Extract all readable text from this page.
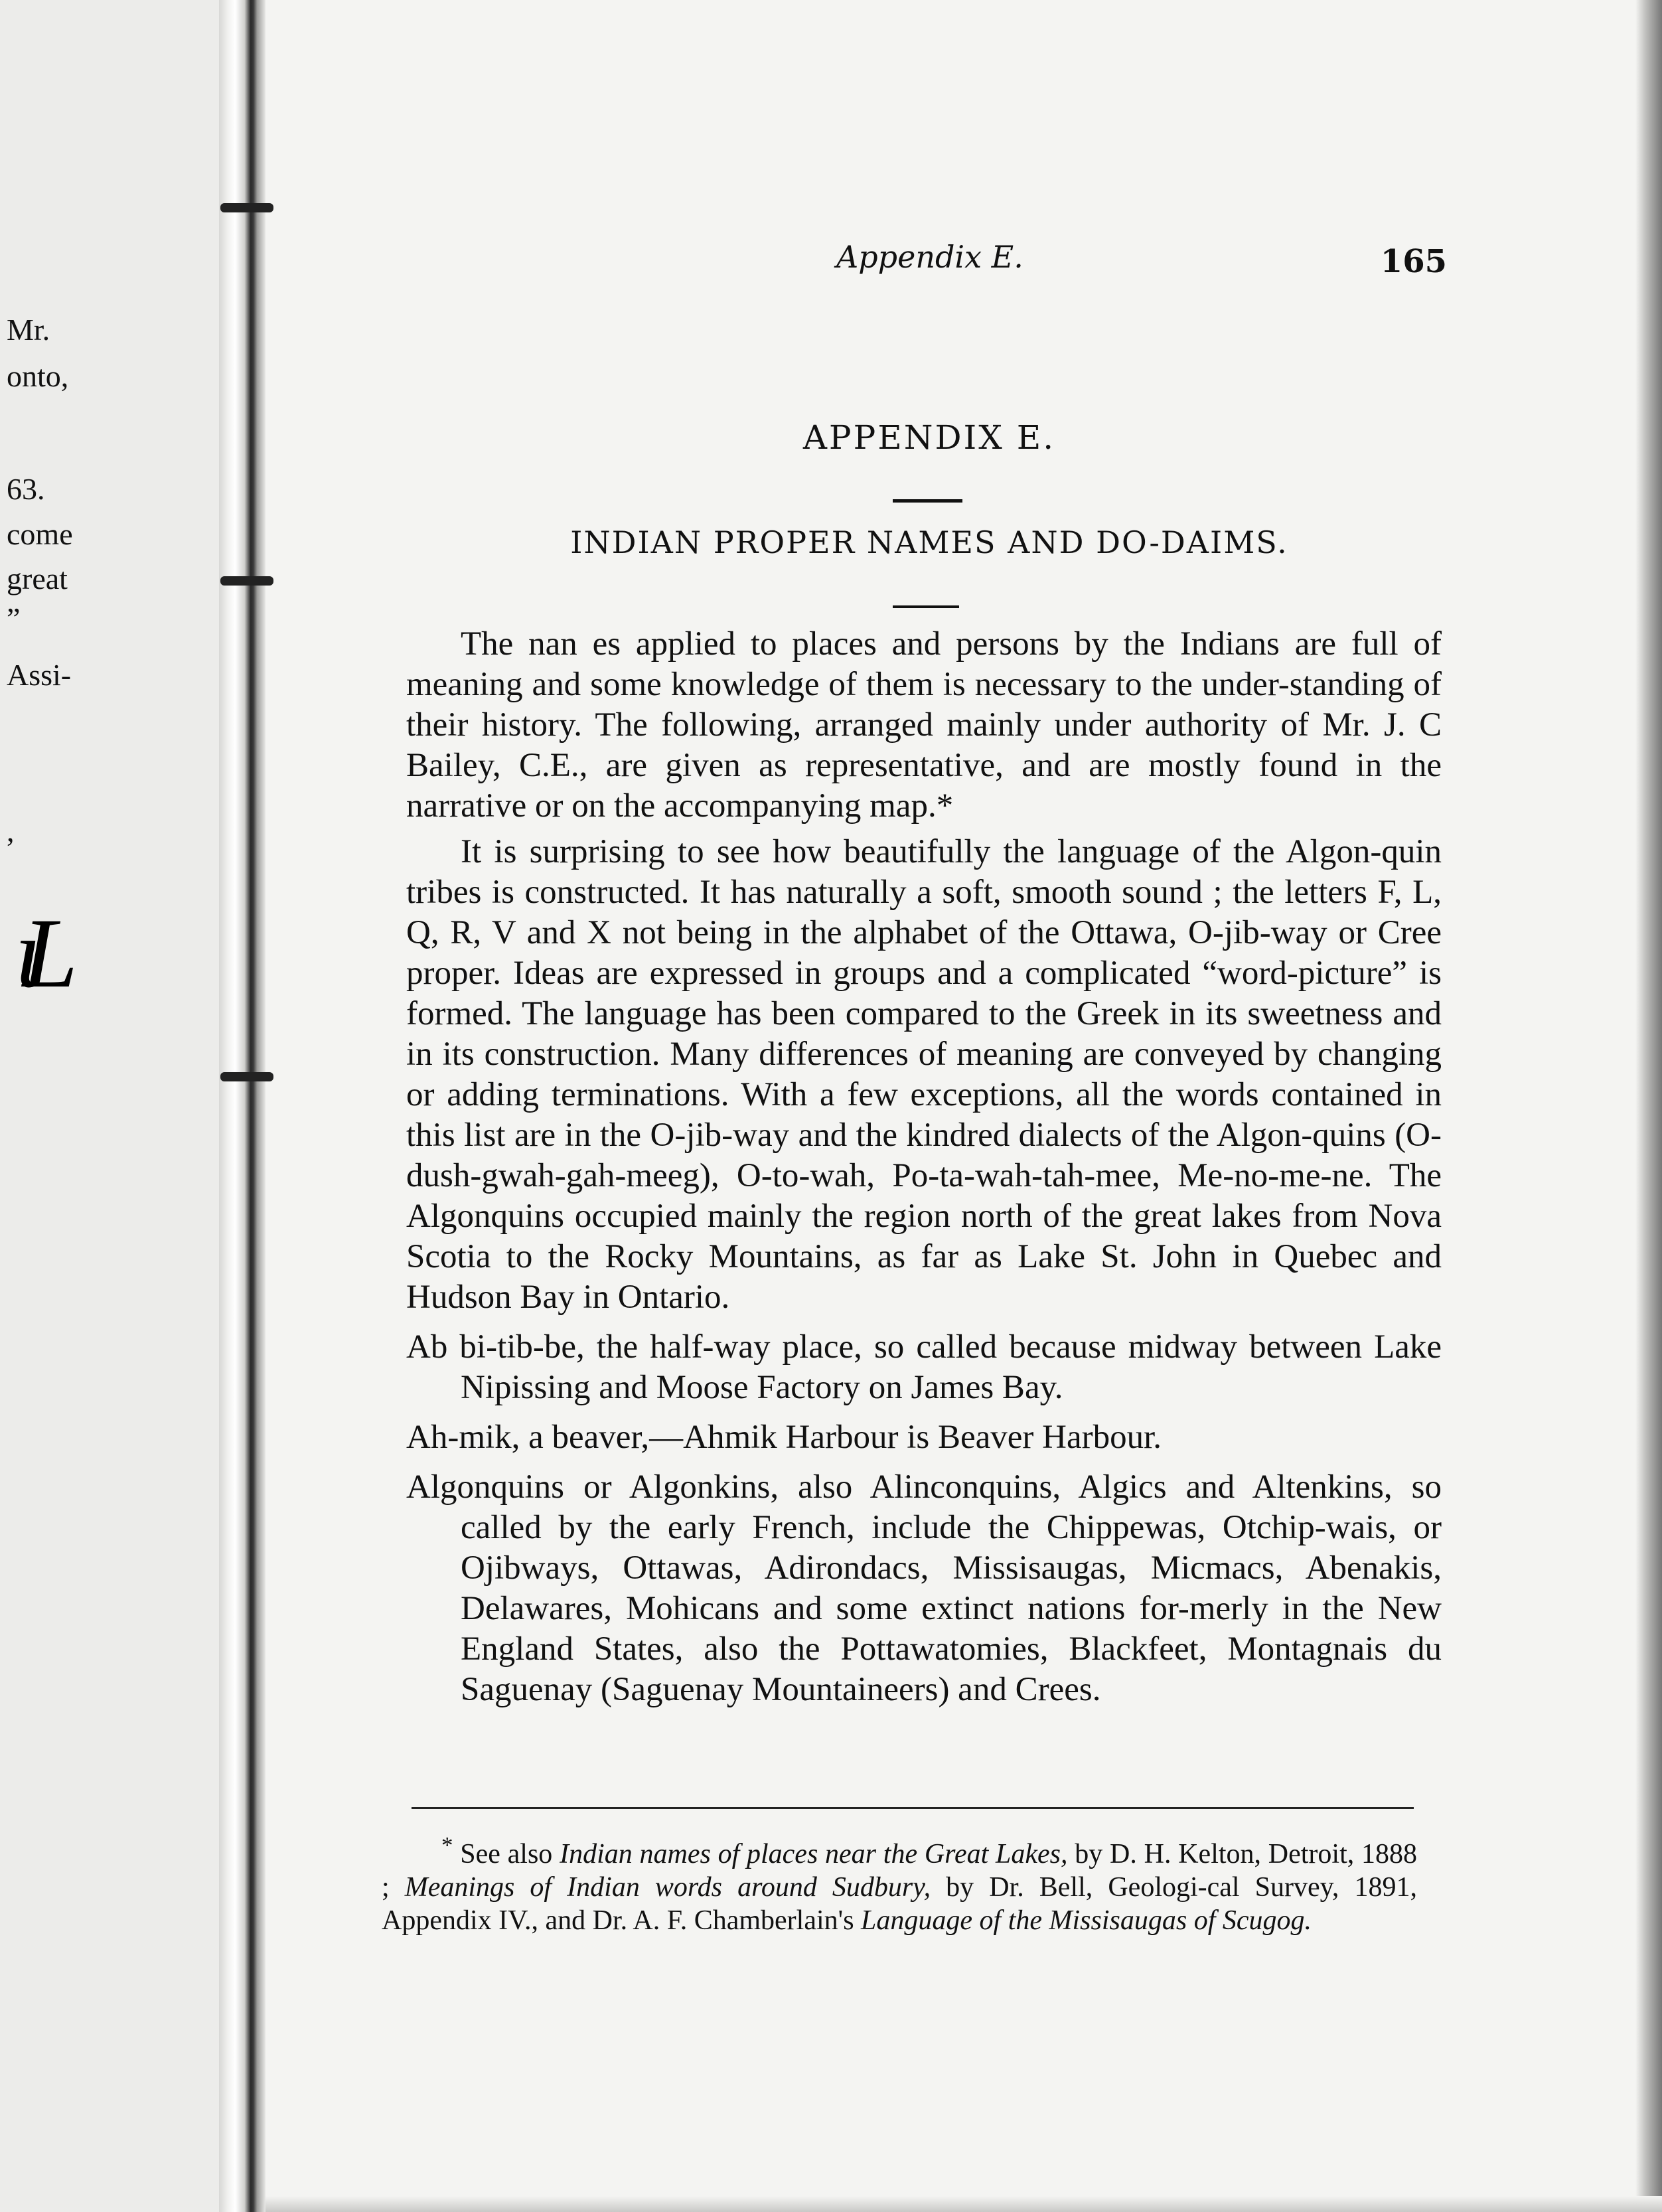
Mr.
onto,
63.
come
great
”
Assi-
,
ιL
Appendix E.	165
APPENDIX E.
INDIAN PROPER NAMES AND DO-DAIMS.

The nan es applied to places and persons by the Indians are full of meaning and some knowledge of them is necessary to the under-standing of their history. The following, arranged mainly under authority of Mr. J. C Bailey, C.E., are given as representative, and are mostly found in the narrative or on the accompanying map.*

It is surprising to see how beautifully the language of the Algon-quin tribes is constructed. It has naturally a soft, smooth sound ; the letters F, L, Q, R, V and X not being in the alphabet of the Ottawa, O-jib-way or Cree proper. Ideas are expressed in groups and a complicated “word-picture” is formed. The language has been compared to the Greek in its sweetness and in its construction. Many differences of meaning are conveyed by changing or adding terminations. With a few exceptions, all the words contained in this list are in the O-jib-way and the kindred dialects of the Algon-quins (O-dush-gwah-gah-meeg), O-to-wah, Po-ta-wah-tah-mee, Me-no-me-ne. The Algonquins occupied mainly the region north of the great lakes from Nova Scotia to the Rocky Mountains, as far as Lake St. John in Quebec and Hudson Bay in Ontario.

Ab bi-tib-be, the half-way place, so called because midway between Lake Nipissing and Moose Factory on James Bay.

Ah-mik, a beaver,—Ahmik Harbour is Beaver Harbour.

Algonquins or Algonkins, also Alinconquins, Algics and Altenkins, so called by the early French, include the Chippewas, Otchip-wais, or Ojibways, Ottawas, Adirondacs, Missisaugas, Micmacs, Abenakis, Delawares, Mohicans and some extinct nations for-merly in the New England States, also the Pottawatomies, Blackfeet, Montagnais du Saguenay (Saguenay Mountaineers) and Crees.

* See also Indian names of places near the Great Lakes, by D. H. Kelton, Detroit, 1888 ; Meanings of Indian words around Sudbury, by Dr. Bell, Geologi-cal Survey, 1891, Appendix IV., and Dr. A. F. Chamberlain's Language of the Missisaugas of Scugog.
